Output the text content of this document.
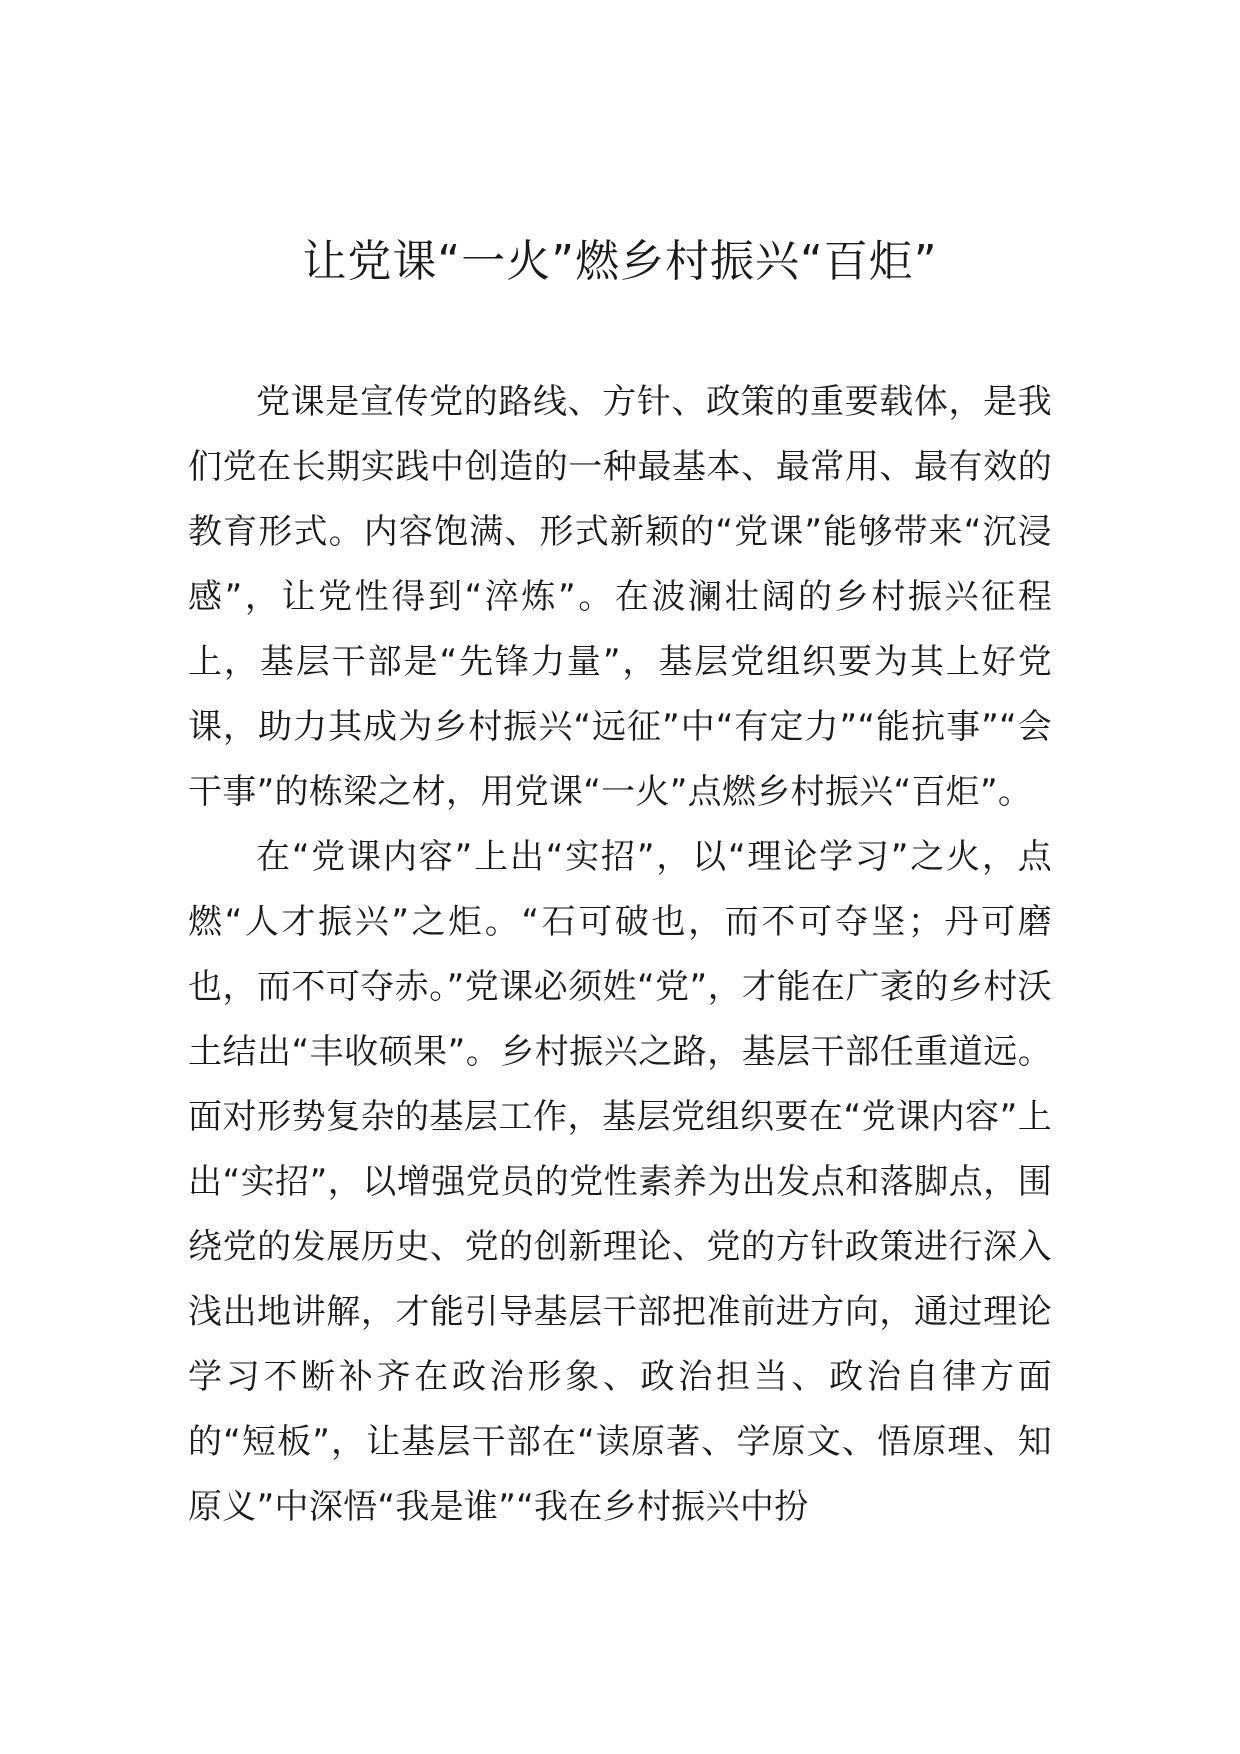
让党课“一火”燃乡村振兴“百炬”

党课是宣传党的路线、方针、政策的重要载体，是我们党在长期实践中创造的一种最基本、最常用、最有效的教育形式。内容饱满、形式新颖的“党课”能够带来“沉浸感”，让党性得到“淬炼”。在波澜壮阔的乡村振兴征程上，基层干部是“先锋力量”，基层党组织要为其上好党课，助力其成为乡村振兴“远征”中“有定力”“能抗事”“会干事”的栋梁之材，用党课“一火”点燃乡村振兴“百炬”。

在“党课内容”上出“实招”，以“理论学习”之火，点燃“人才振兴”之炬。“石可破也，而不可夺坚；丹可磨也，而不可夺赤。”党课必须姓“党”，才能在广袤的乡村沃土结出“丰收硕果”。乡村振兴之路，基层干部任重道远。面对形势复杂的基层工作，基层党组织要在“党课内容”上出“实招”，以增强党员的党性素养为出发点和落脚点，围绕党的发展历史、党的创新理论、党的方针政策进行深入浅出地讲解，才能引导基层干部把准前进方向，通过理论学习不断补齐在政治形象、政治担当、政治自律方面的“短板”，让基层干部在“读原著、学原文、悟原理、知原义”中深悟“我是谁”“我在乡村振兴中扮
